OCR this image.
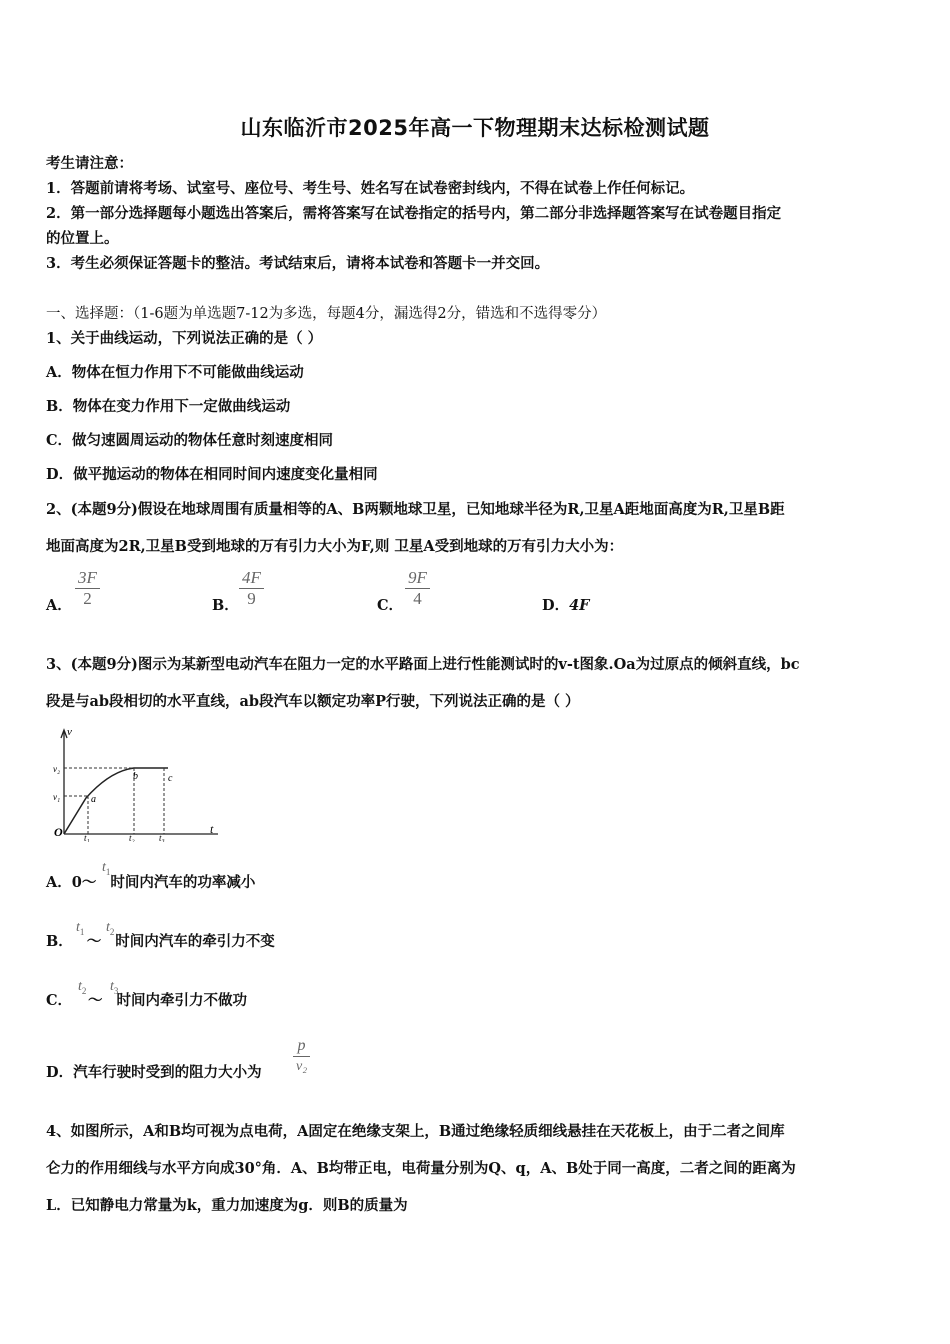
山东临沂市2025年高一下物理期末达标检测试题
考生请注意：
1．答题前请将考场、试室号、座位号、考生号、姓名写在试卷密封线内，不得在试卷上作任何标记。
2．第一部分选择题每小题选出答案后，需将答案写在试卷指定的括号内，第二部分非选择题答案写在试卷题目指定
的位置上。
3．考生必须保证答题卡的整洁。考试结束后，请将本试卷和答题卡一并交回。
一、选择题：（1-6题为单选题7-12为多选，每题4分，漏选得2分，错选和不选得零分）
1、关于曲线运动，下列说法正确的是（ ）
A．物体在恒力作用下不可能做曲线运动
B．物体在变力作用下一定做曲线运动
C．做匀速圆周运动的物体任意时刻速度相同
D．做平抛运动的物体在相同时间内速度变化量相同
2、(本题9分)假设在地球周围有质量相等的A、B两颗地球卫星，已知地球半径为R,卫星A距地面高度为R,卫星B距
地面高度为2R,卫星B受到地球的万有引力大小为F,则 卫星A受到地球的万有引力大小为：
A．
3F
2	B．
4F
9	C．
9F
4	D．4F
3、(本题9分)图示为某新型电动汽车在阻力一定的水平路面上进行性能测试时的v-t图象.Oa为过原点的倾斜直线，bc
段是与ab段相切的水平直线，ab段汽车以额定功率P行驶，下列说法正确的是（ ）
v
t
O
v₂
v₁
t₁	t₂	t₃
a
b	c
A．0～ 时间内汽车的功率减小
$t_1$
B． ～ 时间内汽车的牵引力不变
$t_1$ $t_2$
C． ～ 时间内牵引力不做功
$t_2$ $t_3$
D．汽车行驶时受到的阻力大小为
p
v₂
4、如图所示，A和B均可视为点电荷，A固定在绝缘支架上，B通过绝缘轻质细线悬挂在天花板上，由于二者之间库
仑力的作用细线与水平方向成30°角．A、B均带正电，电荷量分别为Q、q，A、B处于同一高度，二者之间的距离为
L．已知静电力常量为k，重力加速度为g．则B的质量为
